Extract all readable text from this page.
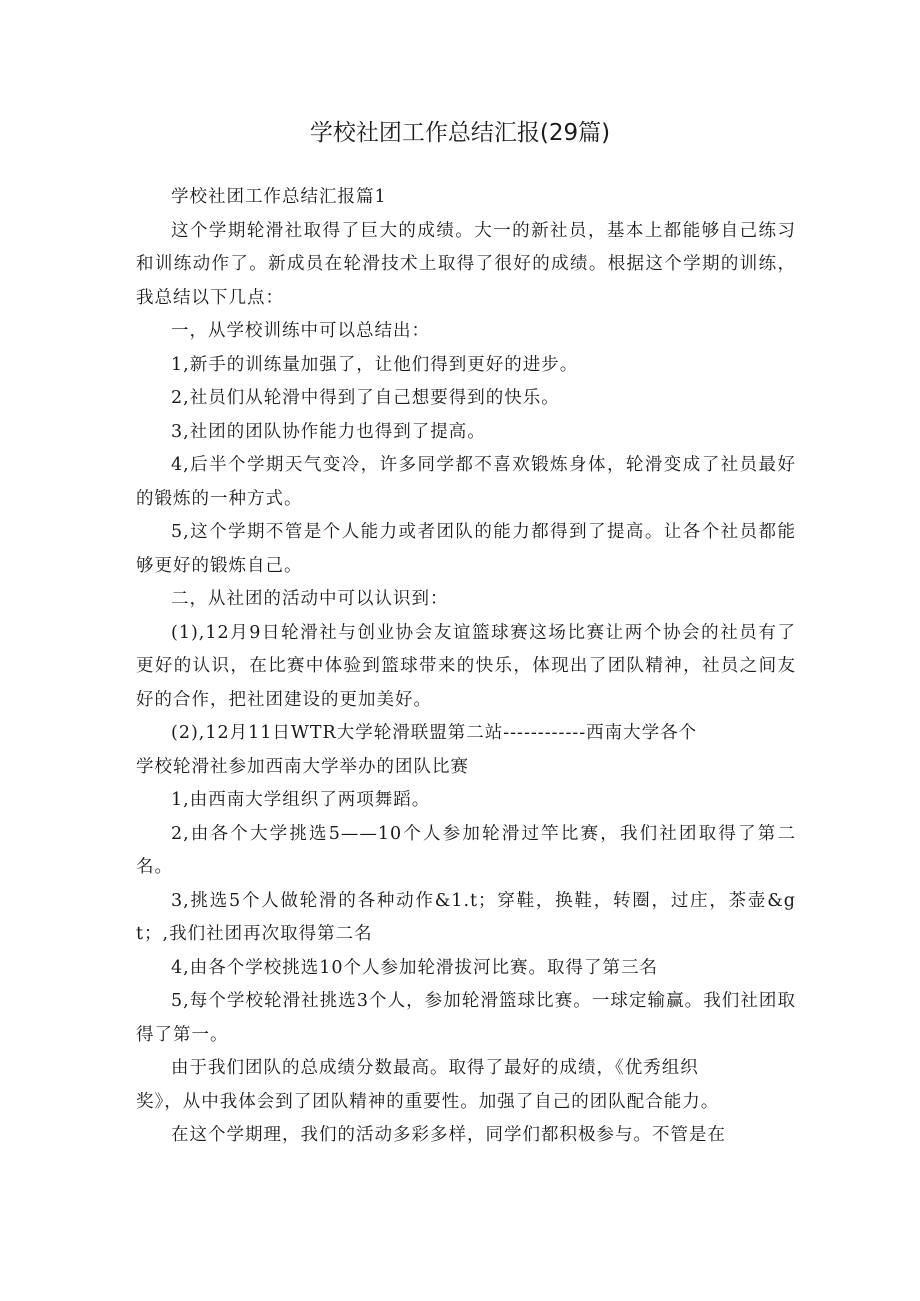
学校社团工作总结汇报(29篇)

学校社团工作总结汇报篇1

这个学期轮滑社取得了巨大的成绩。大一的新社员，基本上都能够自己练习和训练动作了。新成员在轮滑技术上取得了很好的成绩。根据这个学期的训练，我总结以下几点：

一，从学校训练中可以总结出：

1,新手的训练量加强了，让他们得到更好的进步。

2,社员们从轮滑中得到了自己想要得到的快乐。

3,社团的团队协作能力也得到了提高。

4,后半个学期天气变冷，许多同学都不喜欢锻炼身体，轮滑变成了社员最好的锻炼的一种方式。

5,这个学期不管是个人能力或者团队的能力都得到了提高。让各个社员都能够更好的锻炼自己。

二，从社团的活动中可以认识到：

(1),12月9日轮滑社与创业协会友谊篮球赛这场比赛让两个协会的社员有了更好的认识，在比赛中体验到篮球带来的快乐，体现出了团队精神，社员之间友好的合作，把社团建设的更加美好。

(2),12月11日WTR大学轮滑联盟第二站------------西南大学各个

学校轮滑社参加西南大学举办的团队比赛

1,由西南大学组织了两项舞蹈。

2,由各个大学挑选5——10个人参加轮滑过竿比赛，我们社团取得了第二名。

3,挑选5个人做轮滑的各种动作&1.t；穿鞋，换鞋，转圈，过庄，茶壶&gt；,我们社团再次取得第二名

4,由各个学校挑选10个人参加轮滑拔河比赛。取得了第三名

5,每个学校轮滑社挑选3个人，参加轮滑篮球比赛。一球定输赢。我们社团取得了第一。

由于我们团队的总成绩分数最高。取得了最好的成绩，《优秀组织

奖》，从中我体会到了团队精神的重要性。加强了自己的团队配合能力。

在这个学期理，我们的活动多彩多样，同学们都积极参与。不管是在
